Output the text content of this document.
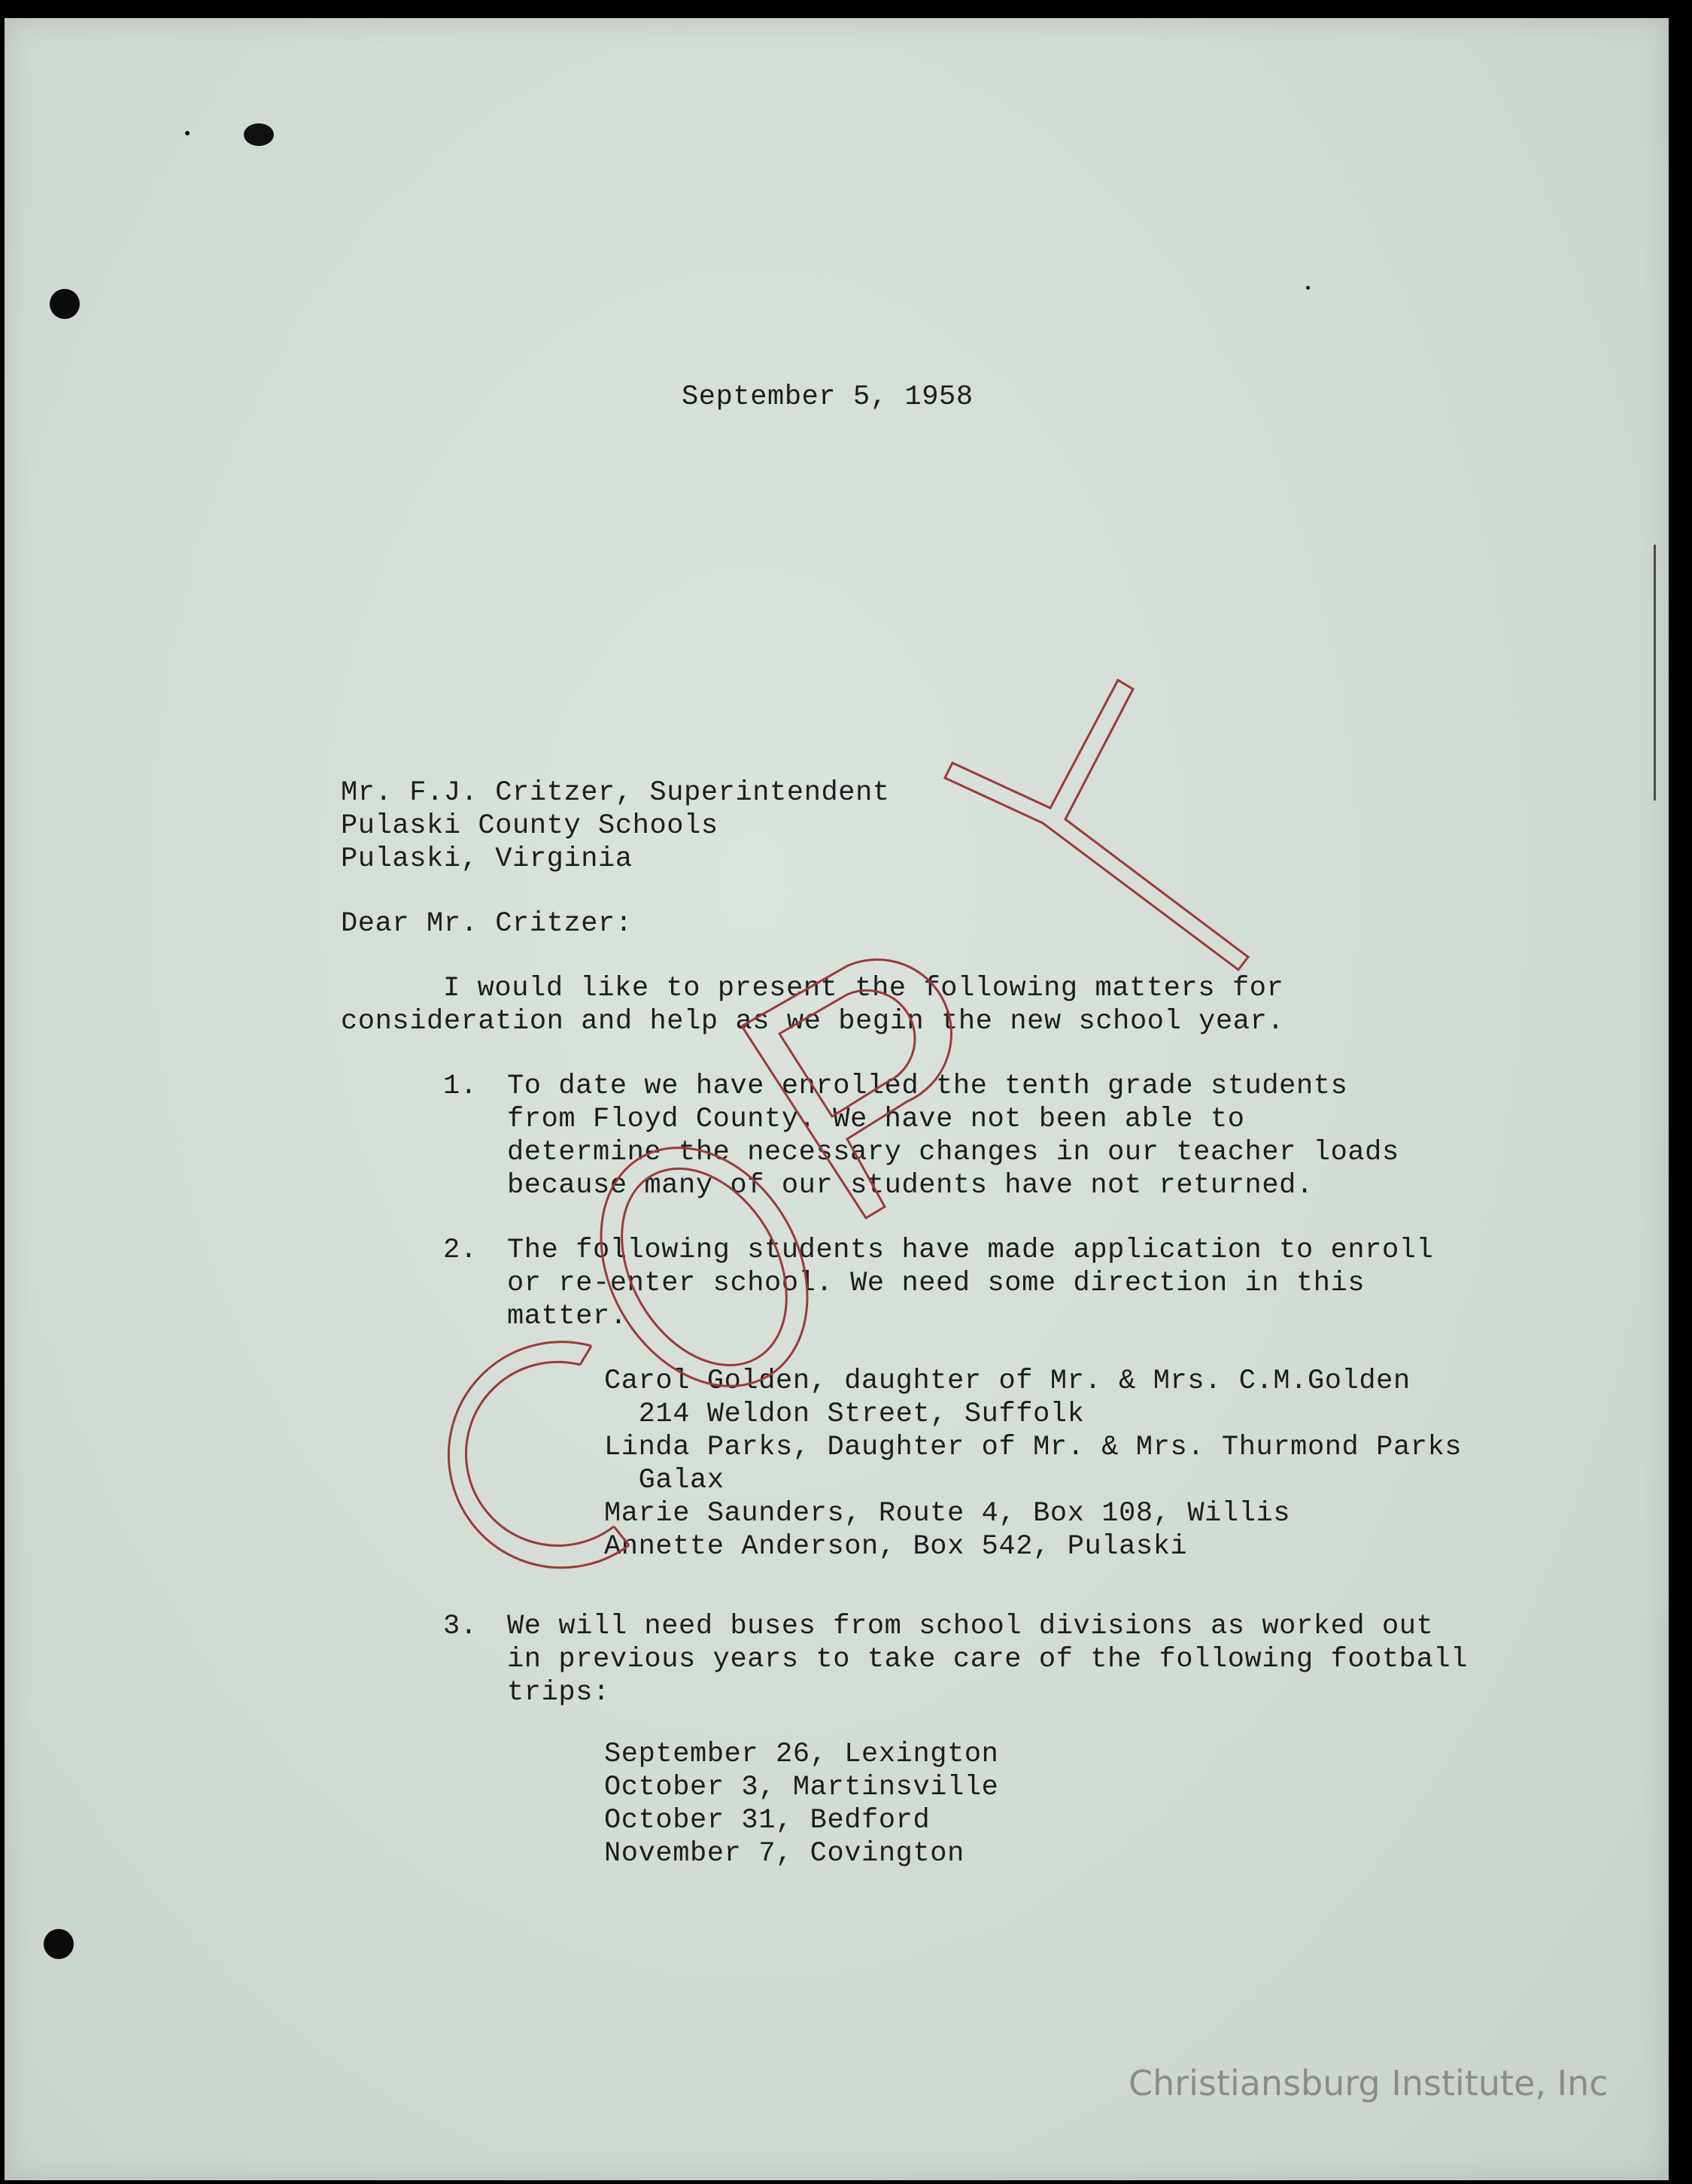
September 5, 1958
Mr. F.J. Critzer, Superintendent
Pulaski County Schools
Pulaski, Virginia
Dear Mr. Critzer:
I would like to present the following matters for
consideration and help as we begin the new school year.
1. To date we have enrolled the tenth grade students
from Floyd County. We have not been able to
determine the necessary changes in our teacher loads
because many of our students have not returned.
2. The following students have made application to enroll
or re-enter school. We need some direction in this
matter.
Carol Golden, daughter of Mr. & Mrs. C.M.Golden
214 Weldon Street, Suffolk
Linda Parks, Daughter of Mr. & Mrs. Thurmond Parks
Galax
Marie Saunders, Route 4, Box 108, Willis
Annette Anderson, Box 542, Pulaski
3. We will need buses from school divisions as worked out
in previous years to take care of the following football
trips:
September 26, Lexington
October 3, Martinsville
October 31, Bedford
November 7, Covington
Christiansburg Institute, Inc
